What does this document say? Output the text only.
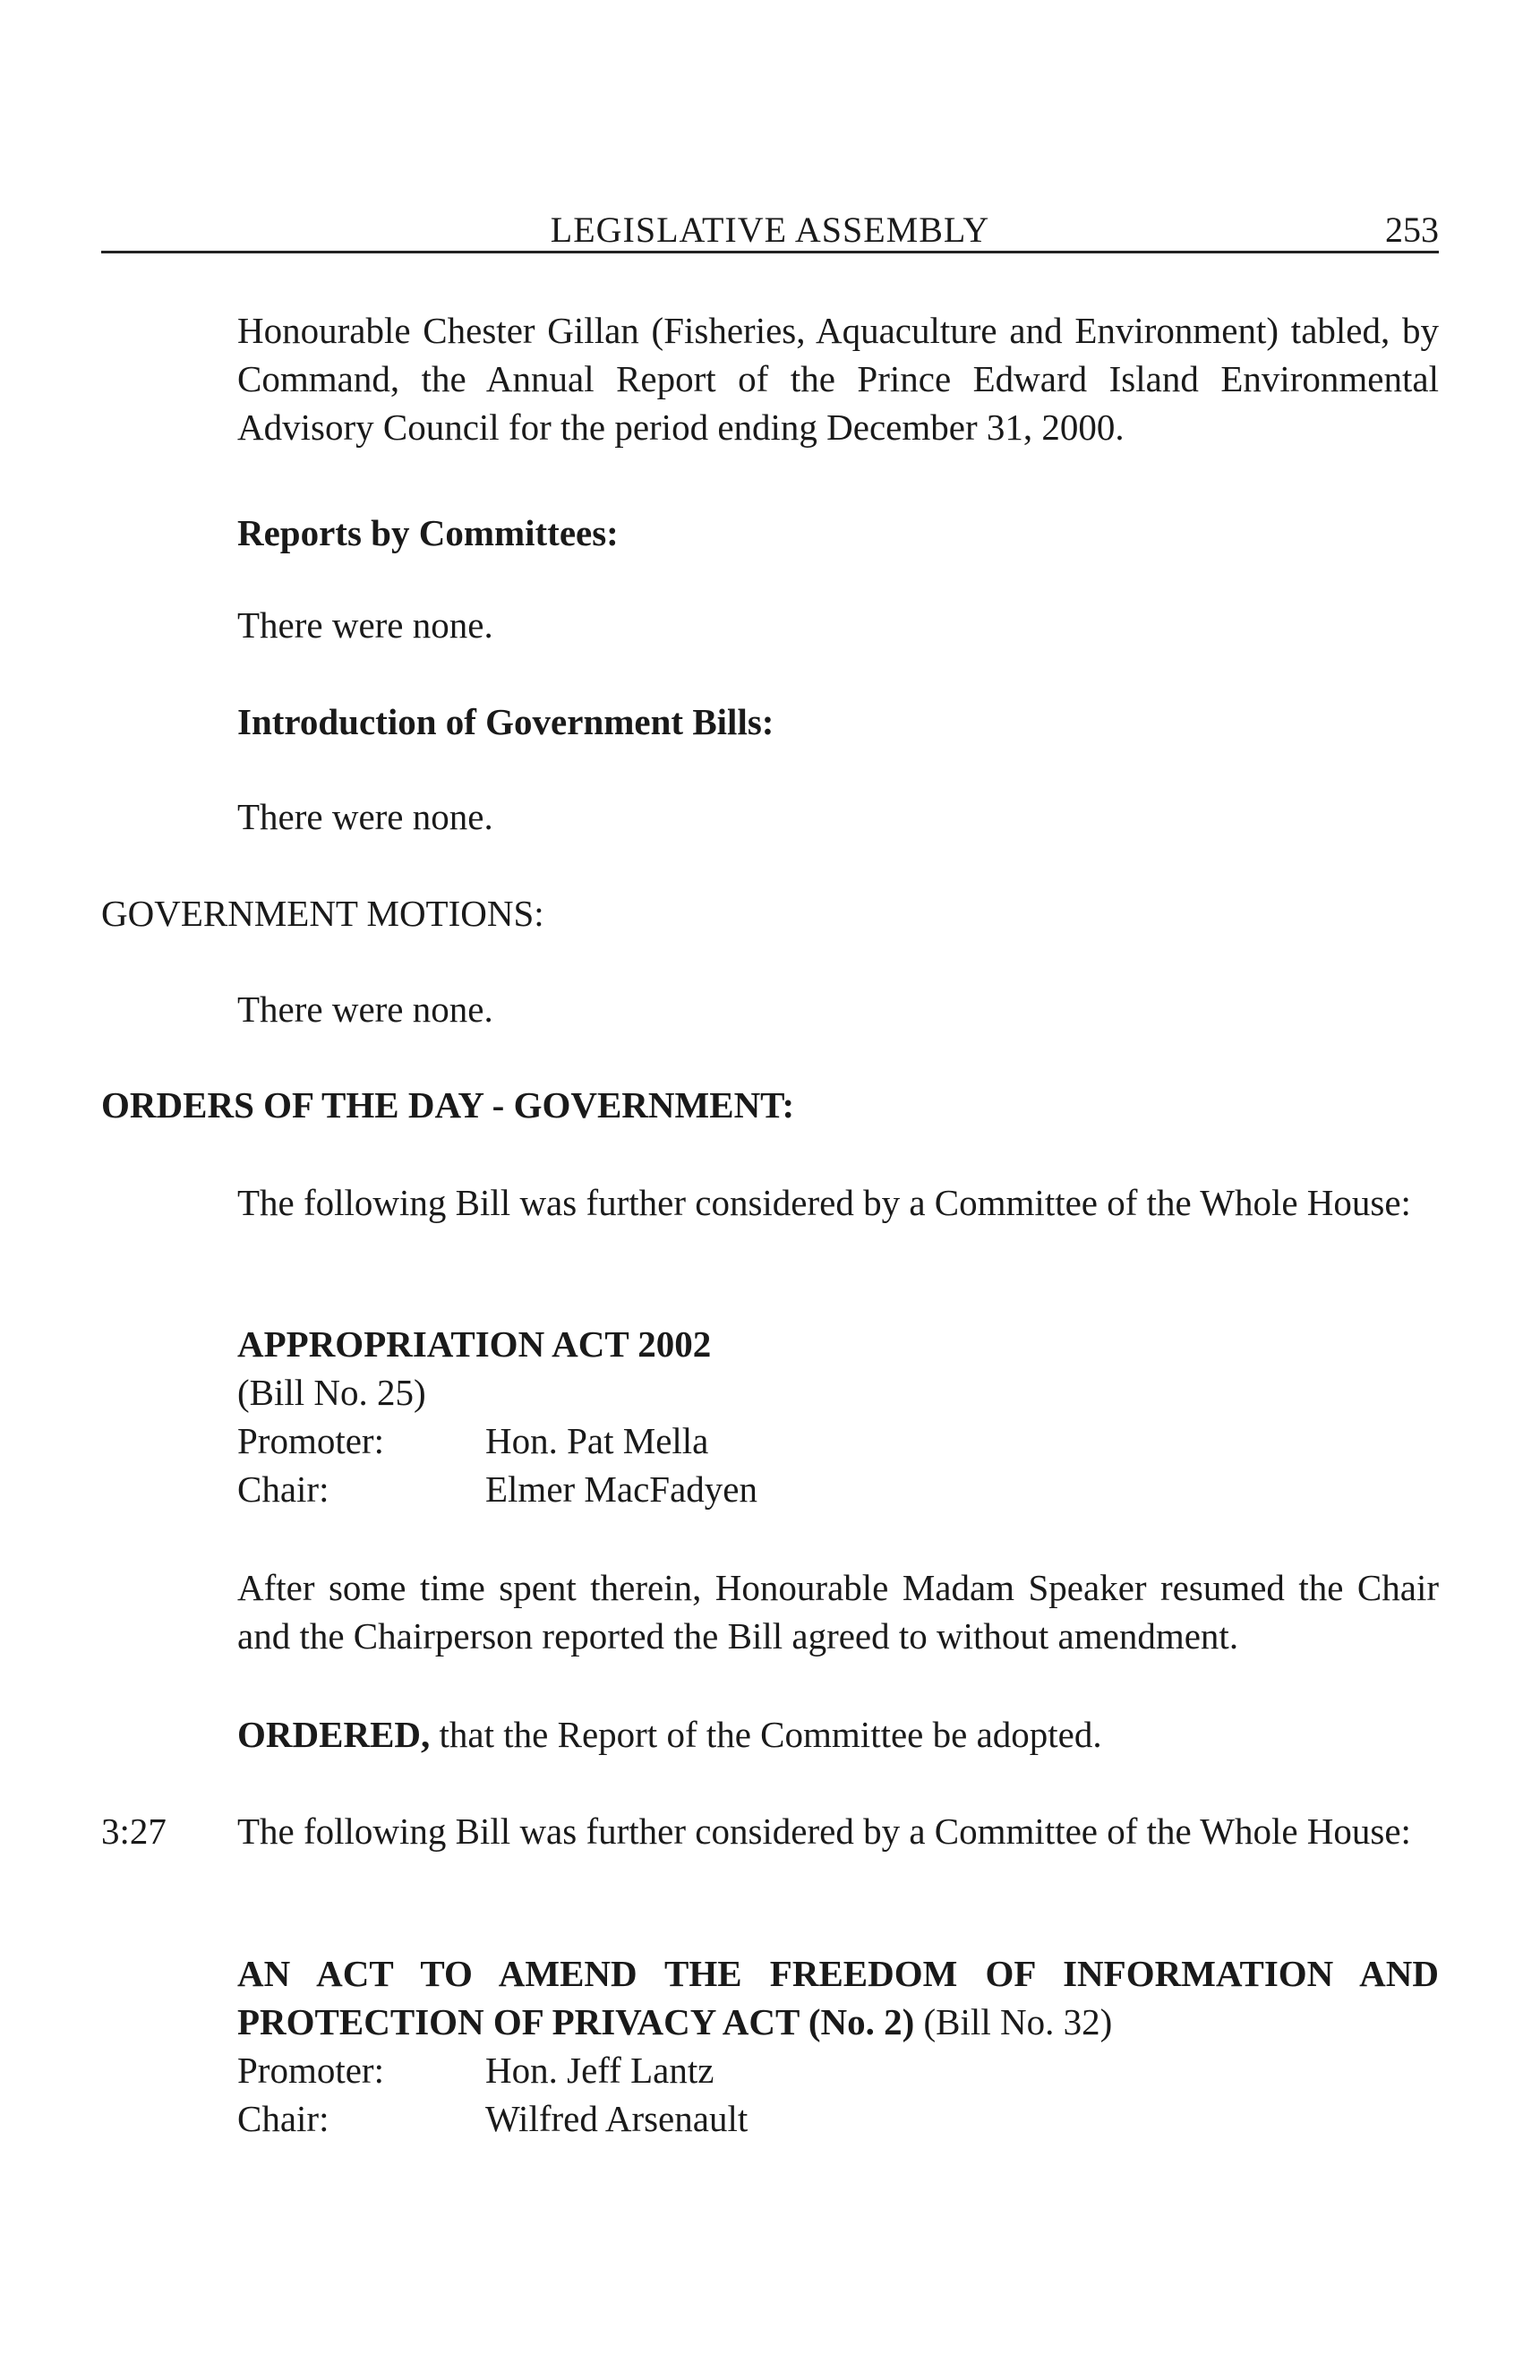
LEGISLATIVE ASSEMBLY	253

Honourable Chester Gillan (Fisheries, Aquaculture and Environment) tabled, by Command, the Annual Report of the Prince Edward Island Environmental Advisory Council for the period ending December 31, 2000.

Reports by Committees:
There were none.
Introduction of Government Bills:
There were none.
GOVERNMENT MOTIONS:
There were none.
ORDERS OF THE DAY - GOVERNMENT:

The following Bill was further considered by a Committee of the Whole House:

APPROPRIATION ACT 2002
(Bill No. 25)
Promoter:	Hon. Pat Mella
Chair:	Elmer MacFadyen

After some time spent therein, Honourable Madam Speaker resumed the Chair and the Chairperson reported the Bill agreed to without amendment.

ORDERED, that the Report of the Committee be adopted.
3:27 The following Bill was further considered by a Committee of the Whole House:

AN ACT TO AMEND THE FREEDOM OF INFORMATION AND

PROTECTION OF PRIVACY ACT (No. 2) (Bill No. 32)

Promoter:	Hon. Jeff Lantz
Chair:	Wilfred Arsenault
